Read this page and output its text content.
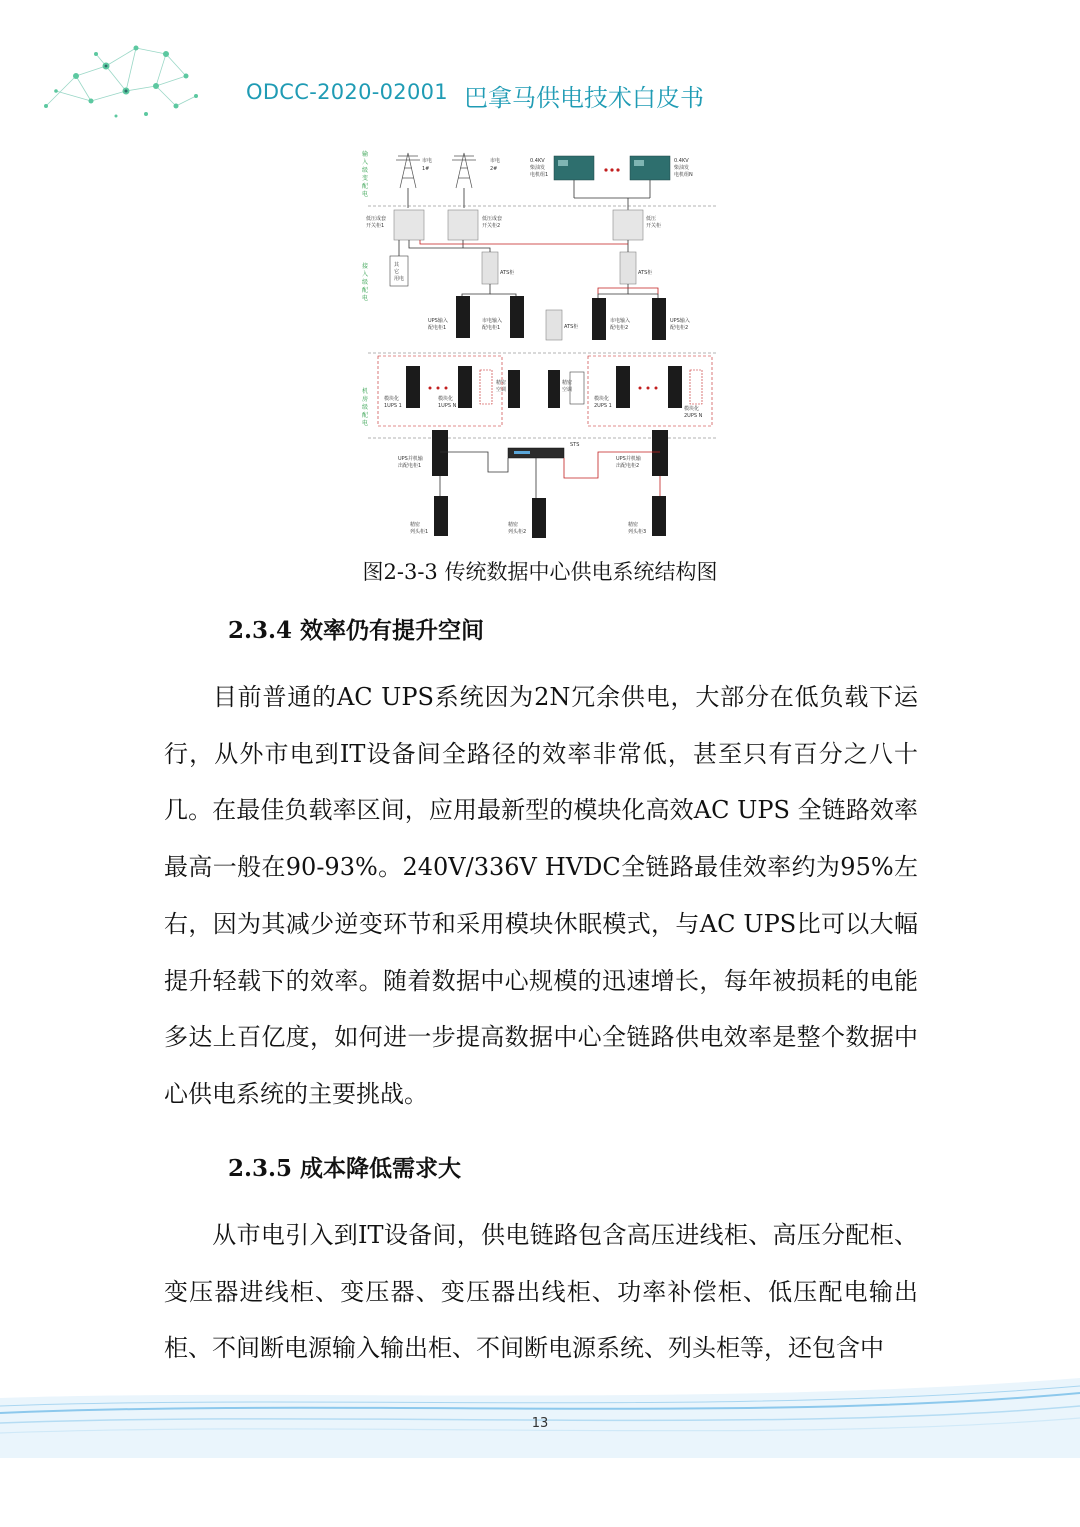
ODCC-2020-02001 巴拿马供电技术白皮书
输
入
级
变
配
电
接
入
级
配
电
机
房
级
配
电
市电
1#
市电
2#
0.4KV
柴油发
电机组1
0.4KV
柴油发
电机组N
低压成套
开关柜1
低压成套
开关柜2
低压
开关柜
其
它
用电
ATS柜	ATS柜
ATS柜
UPS输入
配电柜1
市电输入
配电柜1
市电输入
配电柜2
UPS输入
配电柜2
模块化
1UPS 1
模块化
1UPS N
模块化
2UPS 1	模块化
2UPS N
精密
空调
精密
空调
STS
UPS并机输
出配电柜1
UPS并机输
出配电柜2
精密
列头柜1
精密
列头柜2
精密
列头柜3
图2-3-3 传统数据中心供电系统结构图
2.3.4 效率仍有提升空间

目前普通的AC UPS系统因为2N冗余供电，大部分在低负载下运行，从外市电到IT设备间全路径的效率非常低，甚至只有百分之八十几。在最佳负载率区间，应用最新型的模块化高效AC UPS 全链路效率最高一般在90-93%。240V/336V HVDC全链路最佳效率约为95%左右，因为其减少逆变环节和采用模块休眠模式，与AC UPS比可以大幅提升轻载下的效率。随着数据中心规模的迅速增长，每年被损耗的电能多达上百亿度，如何进一步提高数据中心全链路供电效率是整个数据中心供电系统的主要挑战。

2.3.5 成本降低需求大

从市电引入到IT设备间，供电链路包含高压进线柜、高压分配柜、变压器进线柜、变压器、变压器出线柜、功率补偿柜、低压配电输出柜、不间断电源输入输出柜、不间断电源系统、列头柜等，还包含中

13
